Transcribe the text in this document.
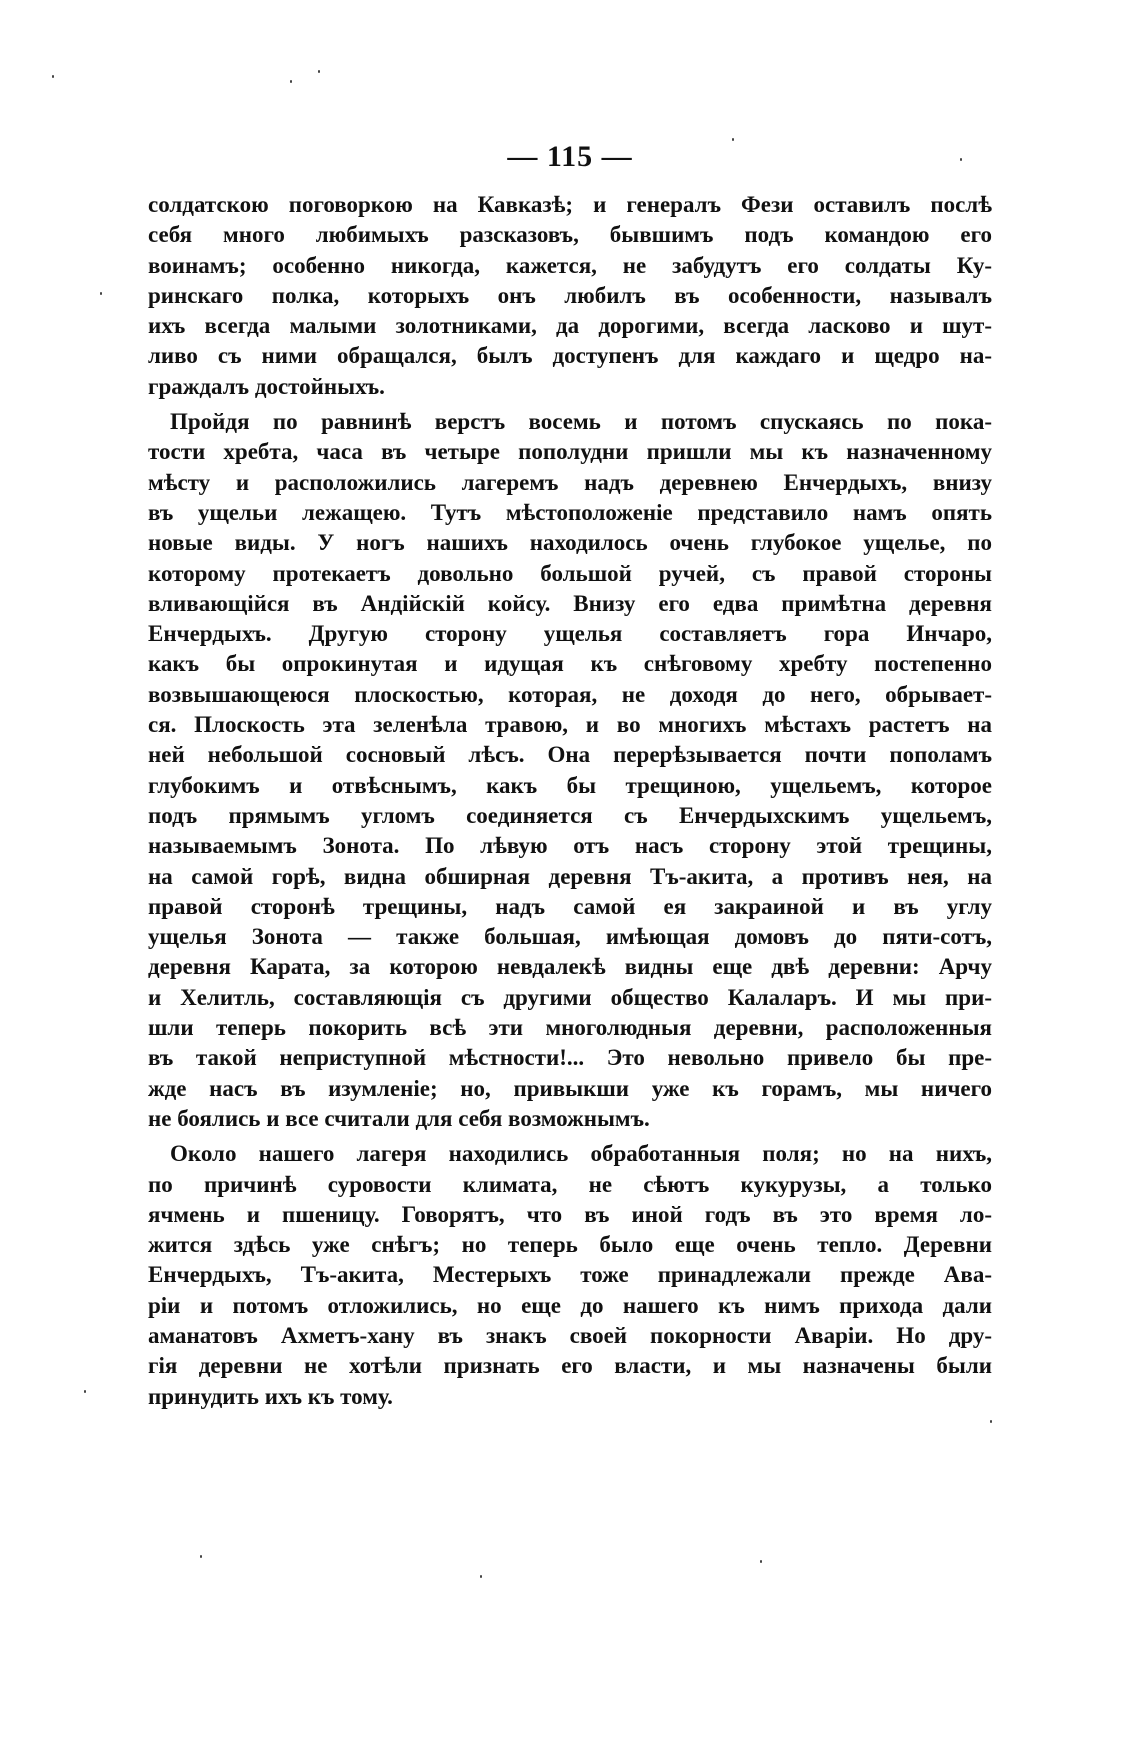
— 115 —
солдатскою поговоркою на Кавказѣ; и генералъ Фези оставилъ послѣ
себя много любимыхъ разсказовъ, бывшимъ подъ командою его
воинамъ; особенно никогда, кажется, не забудутъ его солдаты Ку-
ринскаго полка, которыхъ онъ любилъ въ особенности, называлъ
ихъ всегда малыми золотниками, да дорогими, всегда ласково и шут-
ливо съ ними обращался, былъ доступенъ для каждаго и щедро на-
граждалъ достойныхъ.
Пройдя по равнинѣ верстъ восемь и потомъ спускаясь по пока-
тости хребта, часа въ четыре пополудни пришли мы къ назначенному
мѣсту и расположились лагеремъ надъ деревнею Енчердыхъ, внизу
въ ущельи лежащею. Тутъ мѣстоположеніе представило намъ опять
новые виды. У ногъ нашихъ находилось очень глубокое ущелье, по
которому протекаетъ довольно большой ручей, съ правой стороны
вливающійся въ Андійскій койсу. Внизу его едва примѣтна деревня
Енчердыхъ. Другую сторону ущелья составляетъ гора Инчаро,
какъ бы опрокинутая и идущая къ снѣговому хребту постепенно
возвышающеюся плоскостью, которая, не доходя до него, обрывает-
ся. Плоскость эта зеленѣла травою, и во многихъ мѣстахъ растетъ на
ней небольшой сосновый лѣсъ. Она перерѣзывается почти пополамъ
глубокимъ и отвѣснымъ, какъ бы трещиною, ущельемъ, которое
подъ прямымъ угломъ соединяется съ Енчердыхскимъ ущельемъ,
называемымъ Зонота. По лѣвую отъ насъ сторону этой трещины,
на самой горѣ, видна обширная деревня Тъ-акита, а противъ нея, на
правой сторонѣ трещины, надъ самой ея закраиной и въ углу
ущелья Зонота — также большая, имѣющая домовъ до пяти-сотъ,
деревня Карата, за которою невдалекѣ видны еще двѣ деревни: Арчу
и Хелитль, составляющія съ другими общество Калаларъ. И мы при-
шли теперь покорить всѣ эти многолюдныя деревни, расположенныя
въ такой неприступной мѣстности!... Это невольно привело бы пре-
жде насъ въ изумленіе; но, привыкши уже къ горамъ, мы ничего
не боялись и все считали для себя возможнымъ.
Около нашего лагеря находились обработанныя поля; но на нихъ,
по причинѣ суровости климата, не сѣютъ кукурузы, а только
ячмень и пшеницу. Говорятъ, что въ иной годъ въ это время ло-
жится здѣсь уже снѣгъ; но теперь было еще очень тепло. Деревни
Енчердыхъ, Тъ-акита, Местерыхъ тоже принадлежали прежде Ава-
ріи и потомъ отложились, но еще до нашего къ нимъ прихода дали
аманатовъ Ахметъ-хану въ знакъ своей покорности Аваріи. Но дру-
гія деревни не хотѣли признать его власти, и мы назначены были
принудить ихъ къ тому.
